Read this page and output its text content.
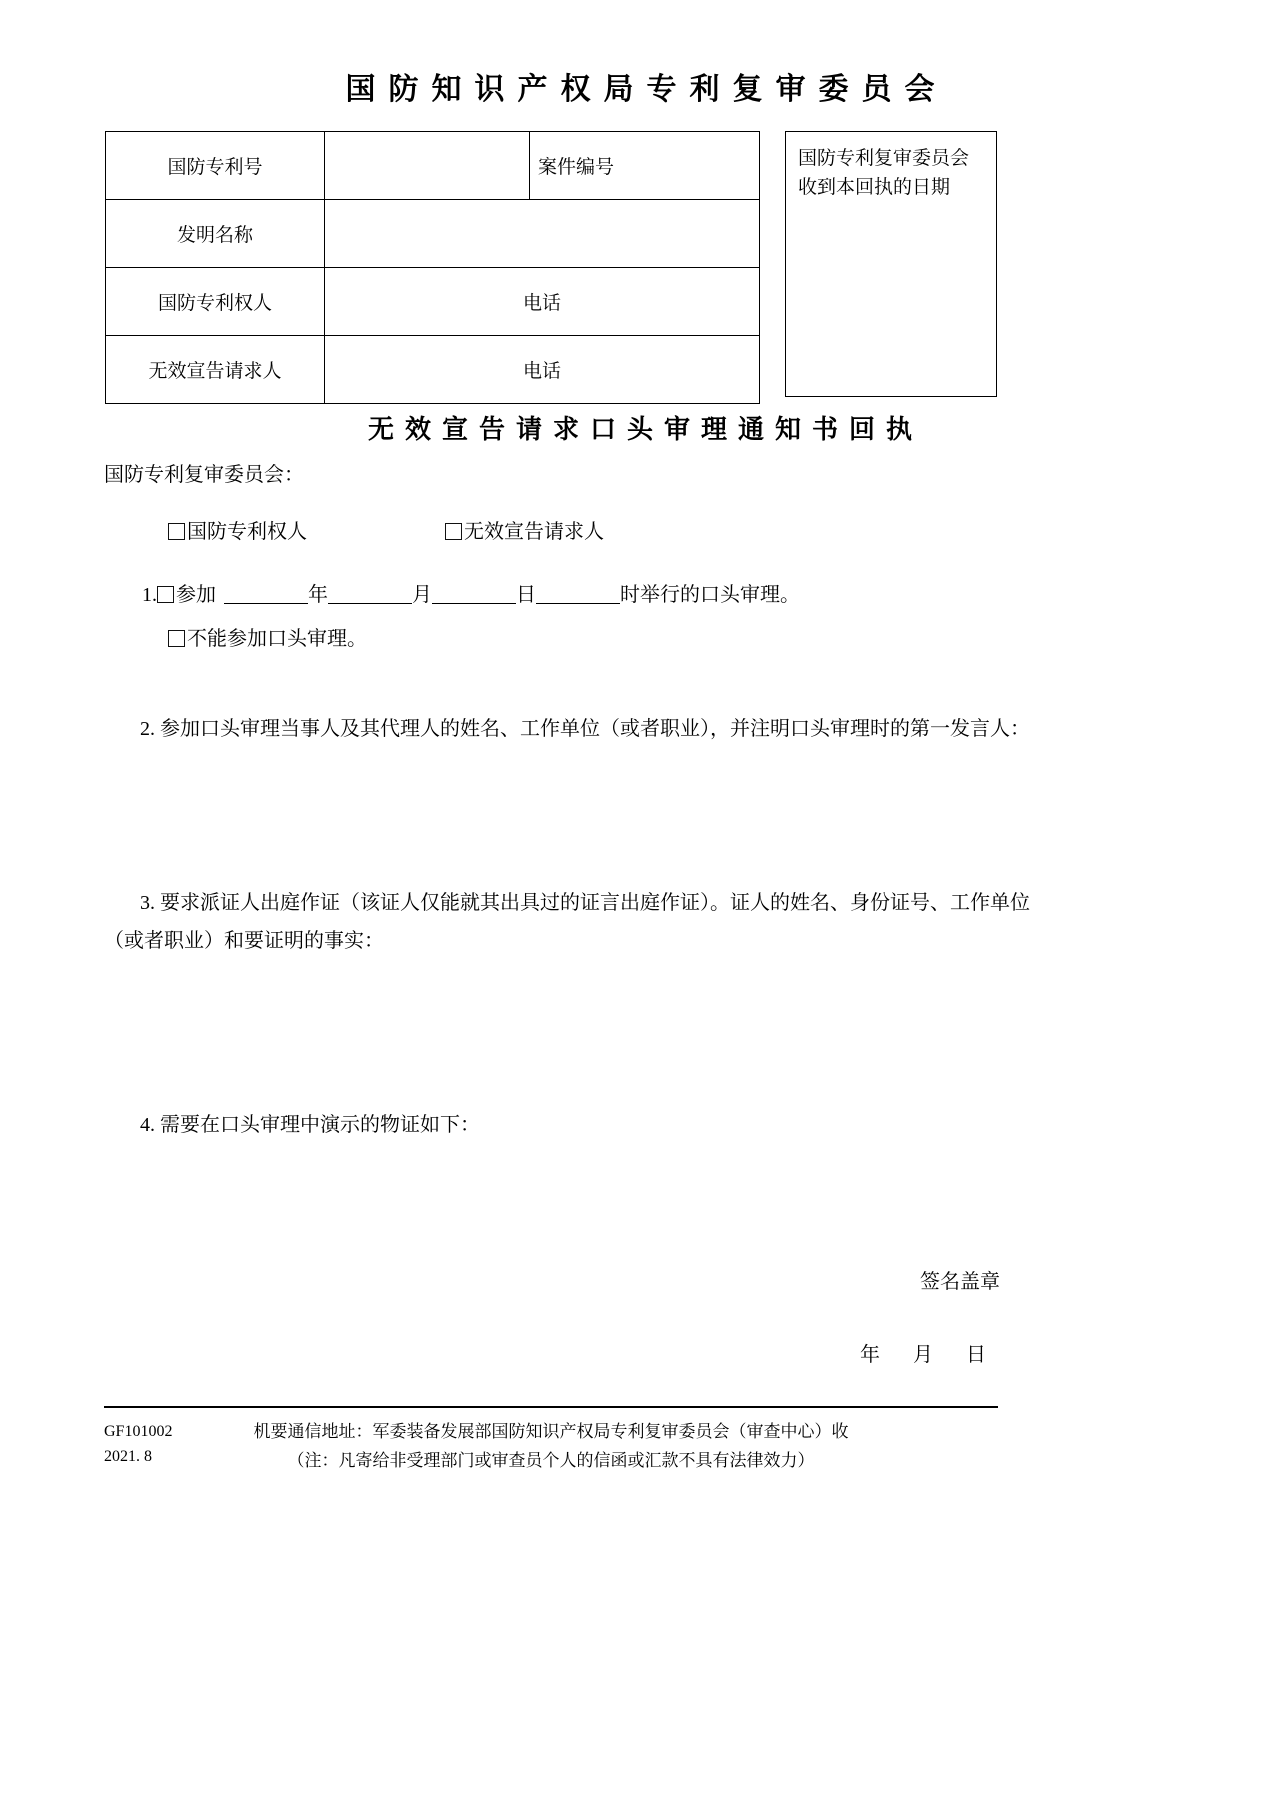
国防知识产权局专利复审委员会
国防专利号	案件编号

发明名称	
国防专利权人	电话
无效宣告请求人	电话
国防专利复审委员会
收到本回执的日期
无效宣告请求口头审理通知书回执
国防专利复审委员会：
国防专利权人	无效宣告请求人
1. 参加	年	月	日	时举行的口头审理。
不能参加口头审理。
2. 参加口头审理当事人及其代理人的姓名、工作单位（或者职业），并注明口头审理时的第一发言人：
3. 要求派证人出庭作证（该证人仅能就其出具过的证言出庭作证）。证人的姓名、身份证号、工作单位
（或者职业）和要证明的事实：
4. 需要在口头审理中演示的物证如下：
签名盖章
年 月 日
GF101002
2021. 8
机要通信地址：军委装备发展部国防知识产权局专利复审委员会（审查中心）收
（注：凡寄给非受理部门或审查员个人的信函或汇款不具有法律效力）
